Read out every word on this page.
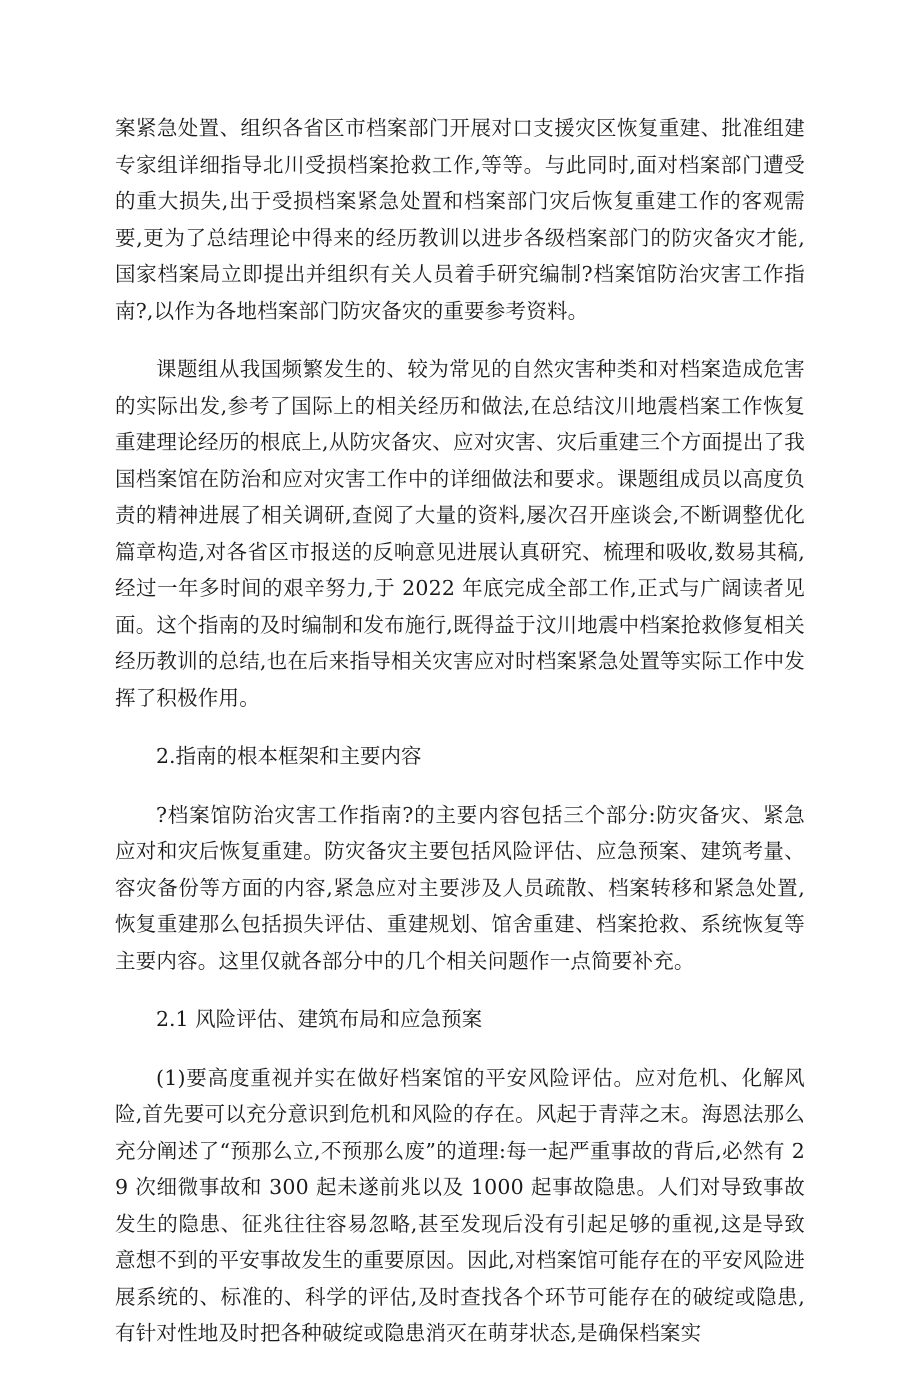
案紧急处置、组织各省区市档案部门开展对口支援灾区恢复重建、批准组建专家组详细指导北川受损档案抢救工作,等等。与此同时,面对档案部门遭受的重大损失,出于受损档案紧急处置和档案部门灾后恢复重建工作的客观需要,更为了总结理论中得来的经历教训以进步各级档案部门的防灾备灾才能,国家档案局立即提出并组织有关人员着手研究编制?档案馆防治灾害工作指南?,以作为各地档案部门防灾备灾的重要参考资料。

课题组从我国频繁发生的、较为常见的自然灾害种类和对档案造成危害的实际出发,参考了国际上的相关经历和做法,在总结汶川地震档案工作恢复重建理论经历的根底上,从防灾备灾、应对灾害、灾后重建三个方面提出了我国档案馆在防治和应对灾害工作中的详细做法和要求。课题组成员以高度负责的精神进展了相关调研,查阅了大量的资料,屡次召开座谈会,不断调整优化篇章构造,对各省区市报送的反响意见进展认真研究、梳理和吸收,数易其稿,经过一年多时间的艰辛努力,于 2022 年底完成全部工作,正式与广阔读者见面。这个指南的及时编制和发布施行,既得益于汶川地震中档案抢救修复相关经历教训的总结,也在后来指导相关灾害应对时档案紧急处置等实际工作中发挥了积极作用。

2.指南的根本框架和主要内容

?档案馆防治灾害工作指南?的主要内容包括三个部分:防灾备灾、紧急应对和灾后恢复重建。防灾备灾主要包括风险评估、应急预案、建筑考量、容灾备份等方面的内容,紧急应对主要涉及人员疏散、档案转移和紧急处置,恢复重建那么包括损失评估、重建规划、馆舍重建、档案抢救、系统恢复等主要内容。这里仅就各部分中的几个相关问题作一点简要补充。

2.1 风险评估、建筑布局和应急预案

(1)要高度重视并实在做好档案馆的平安风险评估。应对危机、化解风险,首先要可以充分意识到危机和风险的存在。风起于青萍之末。海恩法那么充分阐述了“预那么立,不预那么废”的道理:每一起严重事故的背后,必然有 29 次细微事故和 300 起未遂前兆以及 1000 起事故隐患。人们对导致事故发生的隐患、征兆往往容易忽略,甚至发现后没有引起足够的重视,这是导致意想不到的平安事故发生的重要原因。因此,对档案馆可能存在的平安风险进展系统的、标准的、科学的评估,及时查找各个环节可能存在的破绽或隐患,有针对性地及时把各种破绽或隐患消灭在萌芽状态,是确保档案实
